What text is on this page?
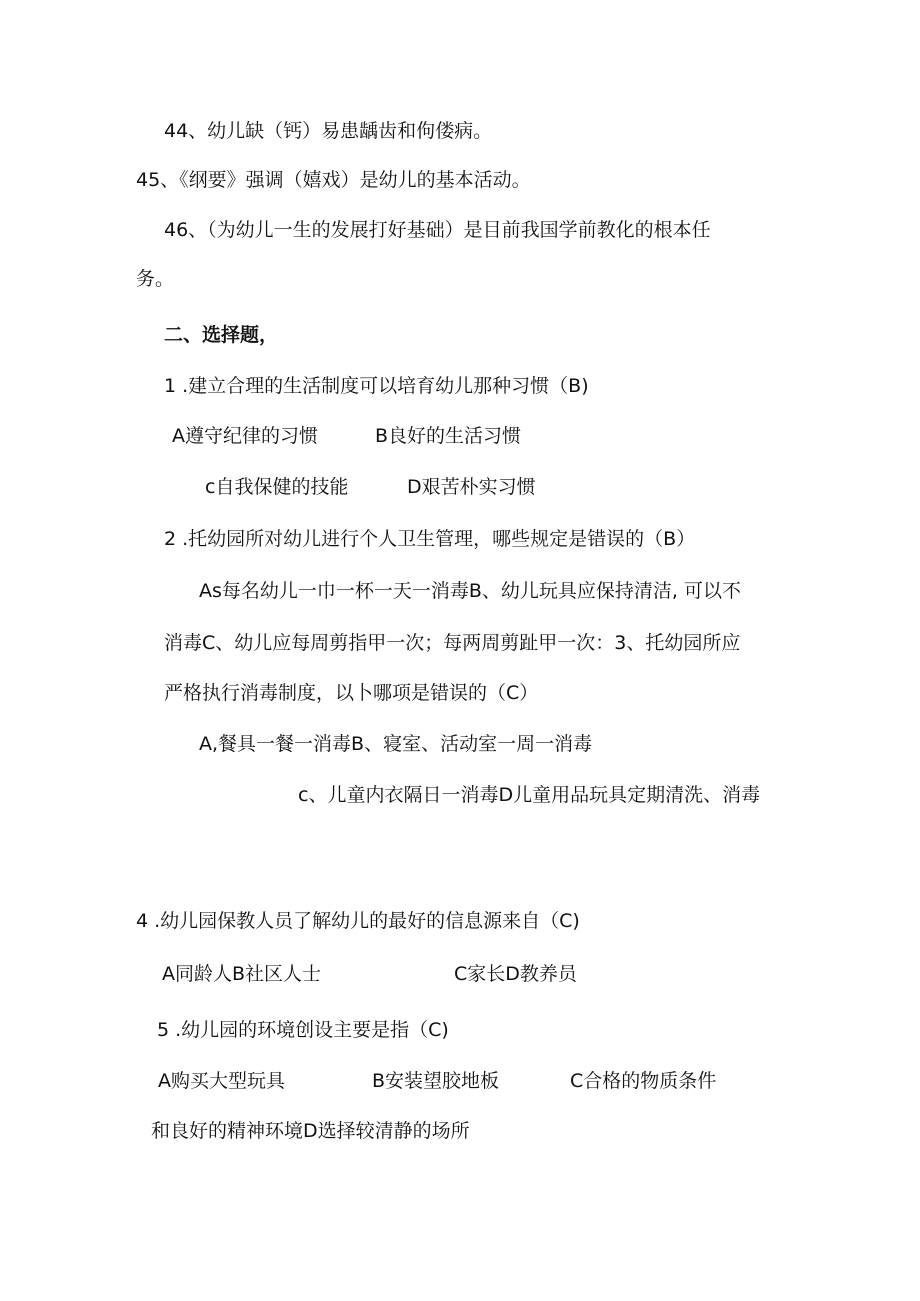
44、幼儿缺（钙）易患龋齿和佝偻病。
45、《纲要》强调（嬉戏）是幼儿的基本活动。
46、（为幼儿一生的发展打好基础）是目前我国学前教化的根本任
务。
二、选择题，
1 .建立合理的生活制度可以培育幼儿那种习惯（B)
A遵守纪律的习惯	B良好的生活习惯
c自我保健的技能	D艰苦朴实习惯
2 .托幼园所对幼儿进行个人卫生管理，哪些规定是错误的（B）
As每名幼儿一巾一杯一天一消毒B、幼儿玩具应保持清洁, 可以不
消毒C、幼儿应每周剪指甲一次；每两周剪趾甲一次：3、托幼园所应
严格执行消毒制度，以卜哪项是错误的（C）
A,餐具一餐一消毒B、寝室、活动室一周一消毒
c、儿童内衣隔日一消毒D儿童用品玩具定期清洗、消毒
4 .幼儿园保教人员了解幼儿的最好的信息源来自（C)
A同龄人B社区人士	C家长D教养员
5 .幼儿园的环境创设主要是指（C)
A购买大型玩具	B安装望胶地板	C合格的物质条件
和良好的精神环境D选择较清静的场所
